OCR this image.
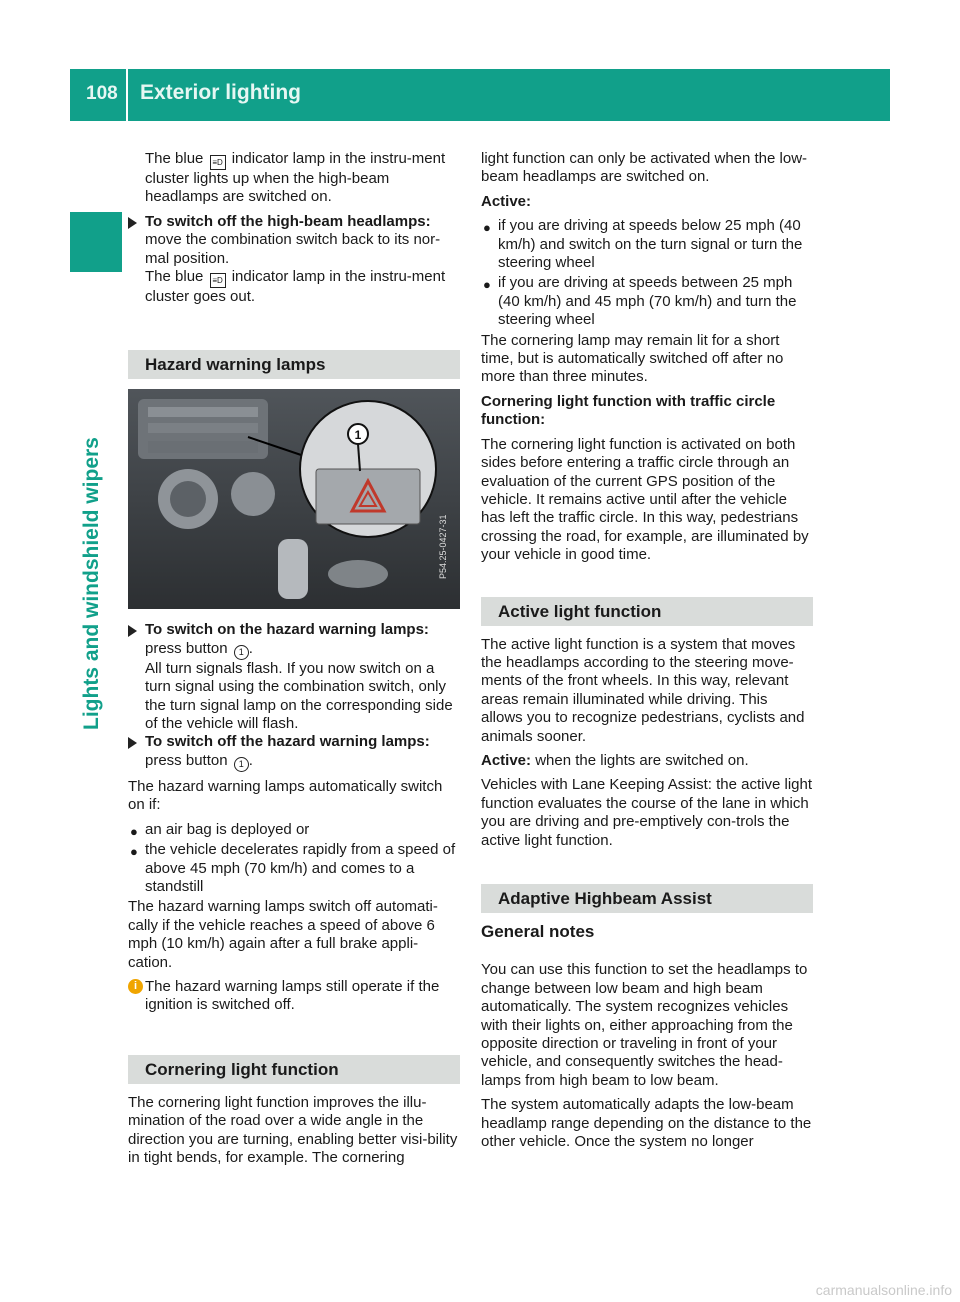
108 Exterior lighting
Lights and windshield wipers

The blue ≡D indicator lamp in the instru-ment cluster lights up when the high-beam headlamps are switched on.

To switch off the high-beam headlamps:
move the combination switch back to its nor-mal position.

The blue ≡D indicator lamp in the instru-ment cluster goes out.

Hazard warning lamps
1
P54.25-0427-31
To switch on the hazard warning lamps:
press button 1 .
All turn signals flash. If you now switch on a turn signal using the combination switch, only the turn signal lamp on the corresponding side of the vehicle will flash.
To switch off the hazard warning lamps:

press button 1 .

The hazard warning lamps automatically switch on if:

● an air bag is deployed or
● the vehicle decelerates rapidly from a speed of above 45 mph (70 km/h) and comes to a standstill

The hazard warning lamps switch off automati-cally if the vehicle reaches a speed of above 6 mph (10 km/h) again after a full brake appli-cation.

i The hazard warning lamps still operate if the ignition is switched off.

Cornering light function

The cornering light function improves the illu-mination of the road over a wide angle in the direction you are turning, enabling better visi-bility in tight bends, for example. The cornering

light function can only be activated when the low-beam headlamps are switched on.

Active:

● if you are driving at speeds below 25 mph (40 km/h) and switch on the turn signal or turn the steering wheel
● if you are driving at speeds between 25 mph (40 km/h) and 45 mph (70 km/h) and turn the steering wheel

The cornering lamp may remain lit for a short time, but is automatically switched off after no more than three minutes.

Cornering light function with traffic circle function:

The cornering light function is activated on both sides before entering a traffic circle through an evaluation of the current GPS position of the vehicle. It remains active until after the vehicle has left the traffic circle. In this way, pedestrians crossing the road, for example, are illuminated by your vehicle in good time.

Active light function

The active light function is a system that moves the headlamps according to the steering move-ments of the front wheels. In this way, relevant areas remain illuminated while driving. This allows you to recognize pedestrians, cyclists and animals sooner.

Active: when the lights are switched on.

Vehicles with Lane Keeping Assist: the active light function evaluates the course of the lane in which you are driving and pre-emptively con-trols the active light function.

Adaptive Highbeam Assist
General notes

You can use this function to set the headlamps to change between low beam and high beam automatically. The system recognizes vehicles with their lights on, either approaching from the opposite direction or traveling in front of your vehicle, and consequently switches the head-lamps from high beam to low beam.

The system automatically adapts the low-beam headlamp range depending on the distance to the other vehicle. Once the system no longer

carmanualsonline.info
